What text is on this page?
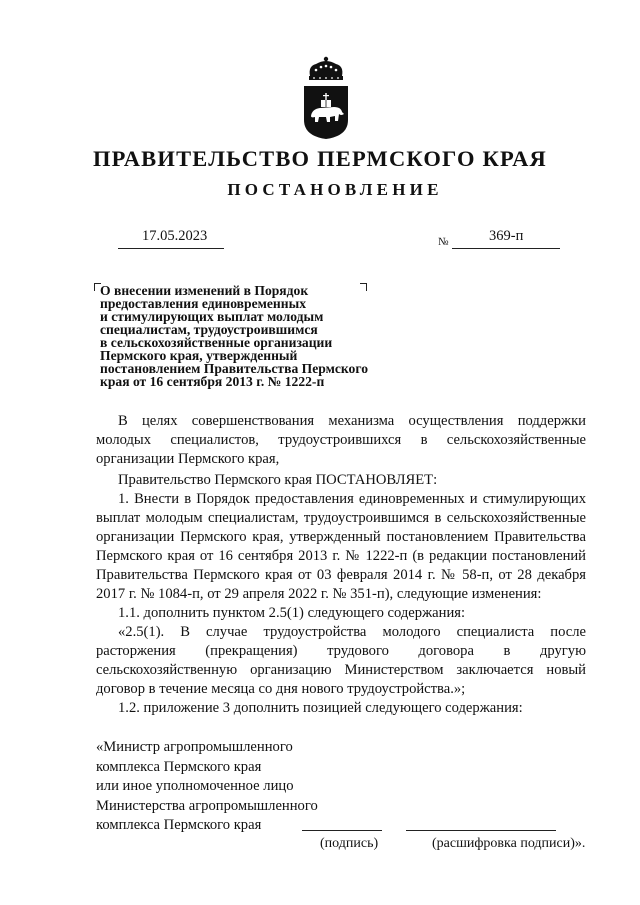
ПРАВИТЕЛЬСТВО ПЕРМСКОГО КРАЯ
ПОСТАНОВЛЕНИЕ
17.05.2023	№	369-п
О внесении изменений в Порядок
предоставления единовременных
и стимулирующих выплат молодым
специалистам, трудоустроившимся
в сельскохозяйственные организации
Пермского края, утвержденный
постановлением Правительства Пермского
края от 16 сентября 2013 г. № 1222-п

В целях совершенствования механизма осуществления поддержки молодых специалистов, трудоустроившихся в сельскохозяйственные организации Пермского края,

Правительство Пермского края ПОСТАНОВЛЯЕТ:

1. Внести в Порядок предоставления единовременных и стимулирующих выплат молодым специалистам, трудоустроившимся в сельскохозяйственные организации Пермского края, утвержденный постановлением Правительства Пермского края от 16 сентября 2013 г. № 1222-п (в редакции постановлений Правительства Пермского края от 03 февраля 2014 г. № 58-п, от 28 декабря 2017 г. № 1084-п, от 29 апреля 2022 г. № 351-п), следующие изменения:

1.1. дополнить пунктом 2.5(1) следующего содержания:

«2.5(1). В случае трудоустройства молодого специалиста после расторжения (прекращения) трудового договора в другую сельскохозяйственную организацию Министерством заключается новый договор в течение месяца со дня нового трудоустройства.»;

1.2. приложение 3 дополнить позицией следующего содержания:

«Министр агропромышленного
комплекса Пермского края
или иное уполномоченное лицо
Министерства агропромышленного
комплекса Пермского края
(подпись)	(расшифровка подписи)».
